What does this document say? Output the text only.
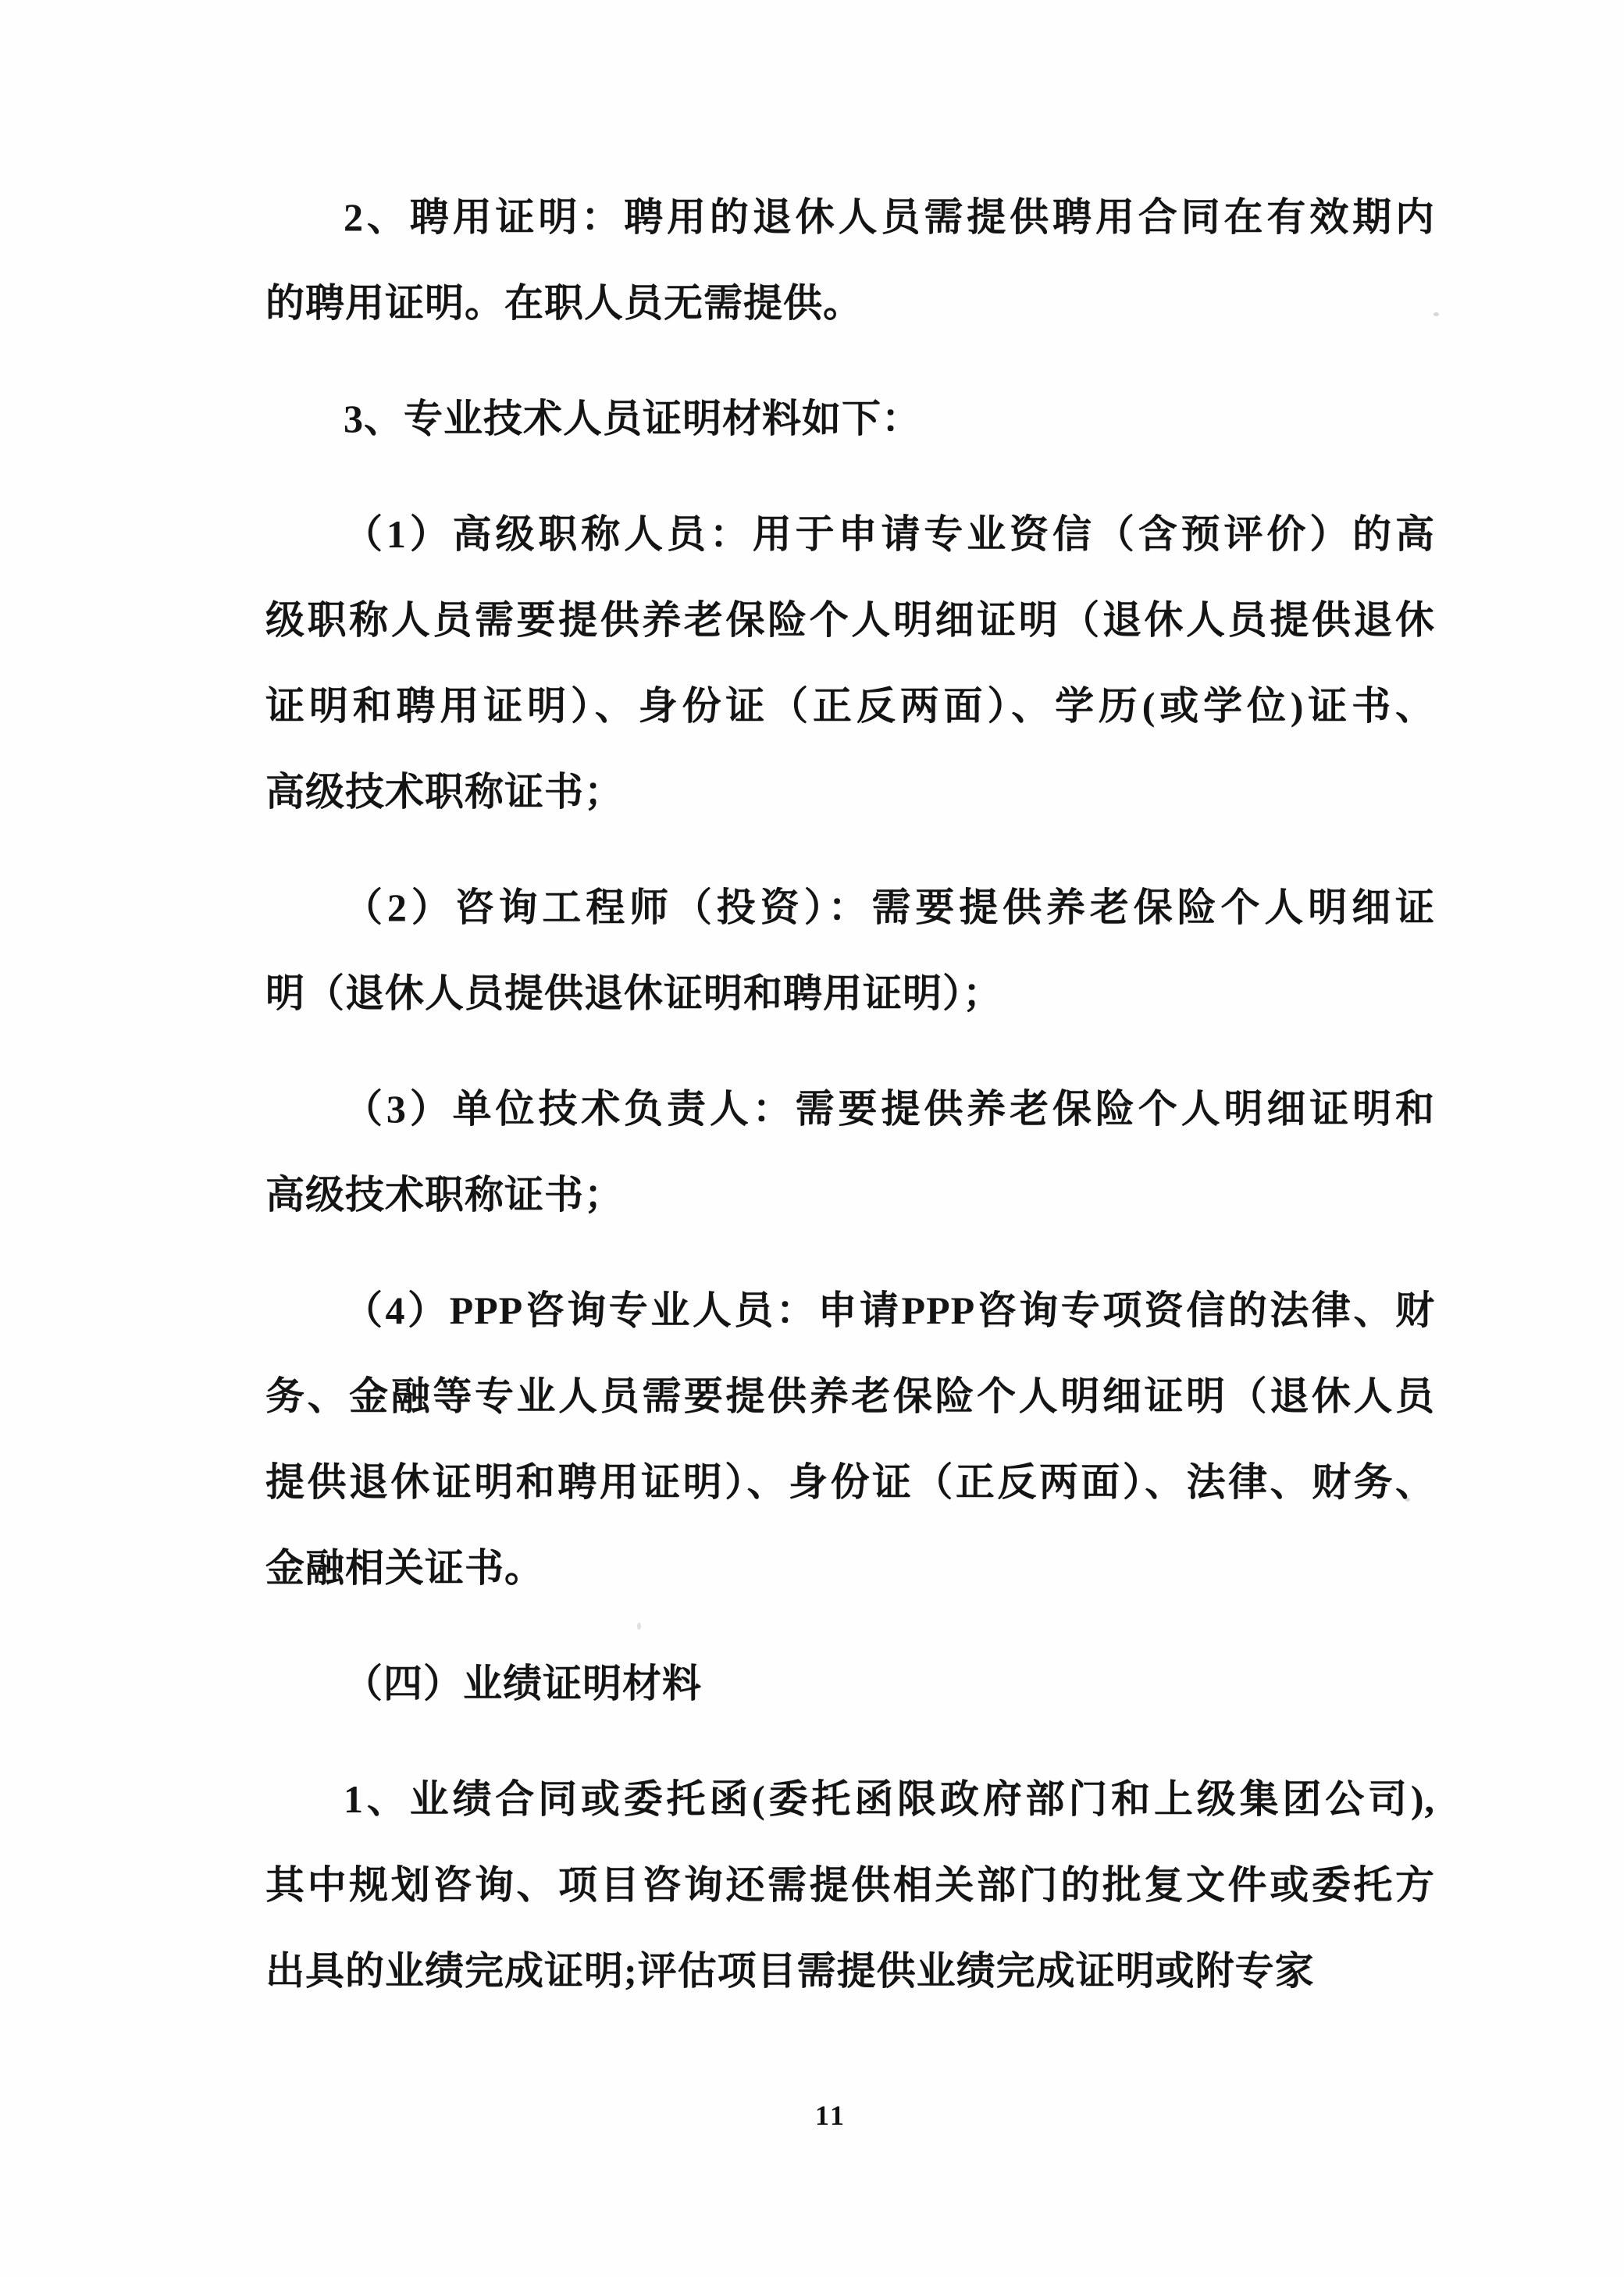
2、聘用证明：聘用的退休人员需提供聘用合同在有效期内
的聘用证明。在职人员无需提供。

3、专业技术人员证明材料如下：

（1）高级职称人员：用于申请专业资信（含预评价）的高
级职称人员需要提供养老保险个人明细证明（退休人员提供退休
证明和聘用证明）、身份证（正反两面）、学历(或学位)证书、
高级技术职称证书；

（2）咨询工程师（投资）：需要提供养老保险个人明细证
明（退休人员提供退休证明和聘用证明）；

（3）单位技术负责人：需要提供养老保险个人明细证明和
高级技术职称证书；

（4）PPP咨询专业人员：申请PPP咨询专项资信的法律、财
务、金融等专业人员需要提供养老保险个人明细证明（退休人员
提供退休证明和聘用证明）、身份证（正反两面）、法律、财务、
金融相关证书。

（四）业绩证明材料

1、业绩合同或委托函(委托函限政府部门和上级集团公司),
其中规划咨询、项目咨询还需提供相关部门的批复文件或委托方
出具的业绩完成证明;评估项目需提供业绩完成证明或附专家

11
